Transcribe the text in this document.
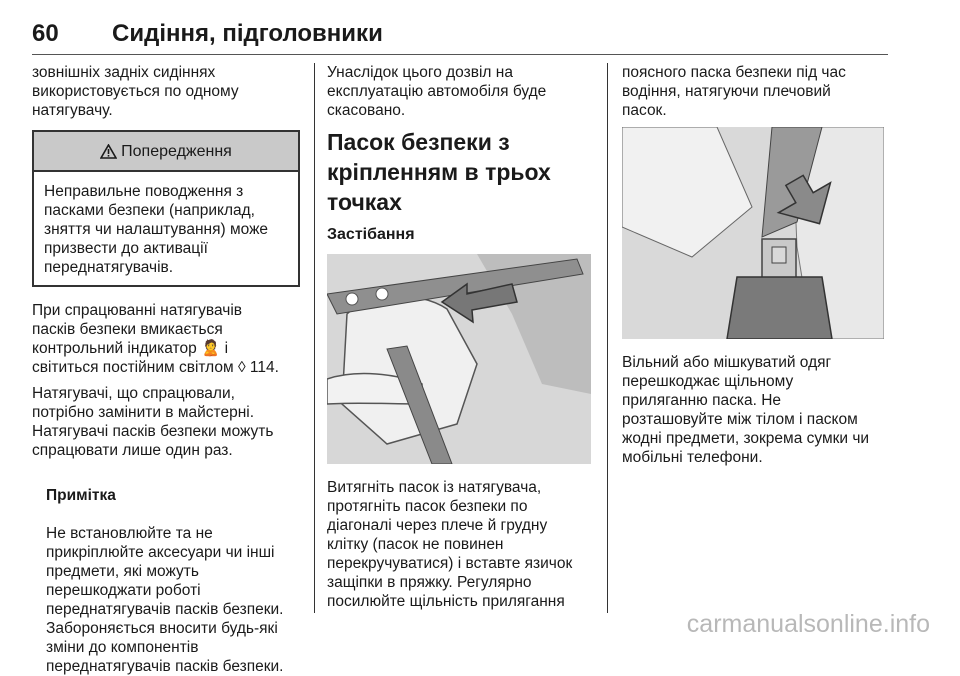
60 Сидіння, підголовники

зовнішніх задніх сидіннях
використовується по одному
натягувачу.

Попередження
Неправильне поводження з
пасками безпеки (наприклад,
зняття чи налаштування) може
призвести до активації
переднатягувачів.

При спрацюванні натягувачів
пасків безпеки вмикається
контрольний індикатор 🙎 і
світиться постійним світлом ◊ 114.

Натягувачі, що спрацювали,
потрібно замінити в майстерні.
Натягувачі пасків безпеки можуть
спрацювати лише один раз.

Примітка

Не встановлюйте та не
прикріплюйте аксесуари чи інші
предмети, які можуть
перешкоджати роботі
переднатягувачів пасків безпеки.
Забороняється вносити будь-які
зміни до компонентів
переднатягувачів пасків безпеки.

Унаслідок цього дозвіл на
експлуатацію автомобіля буде
скасовано.

Пасок безпеки з
кріпленням в трьох точках
Застібання

Витягніть пасок із натягувача,
протягніть пасок безпеки по
діагоналі через плече й грудну
клітку (пасок не повинен
перекручуватися) і вставте язичок
защіпки в пряжку. Регулярно
посилюйте щільність прилягання

поясного паска безпеки під час
водіння, натягуючи плечовий
пасок.

Вільний або мішкуватий одяг
перешкоджає щільному
приляганню паска. Не
розташовуйте між тілом і паском
жодні предмети, зокрема сумки чи
мобільні телефони.

carmanualsonline.info
